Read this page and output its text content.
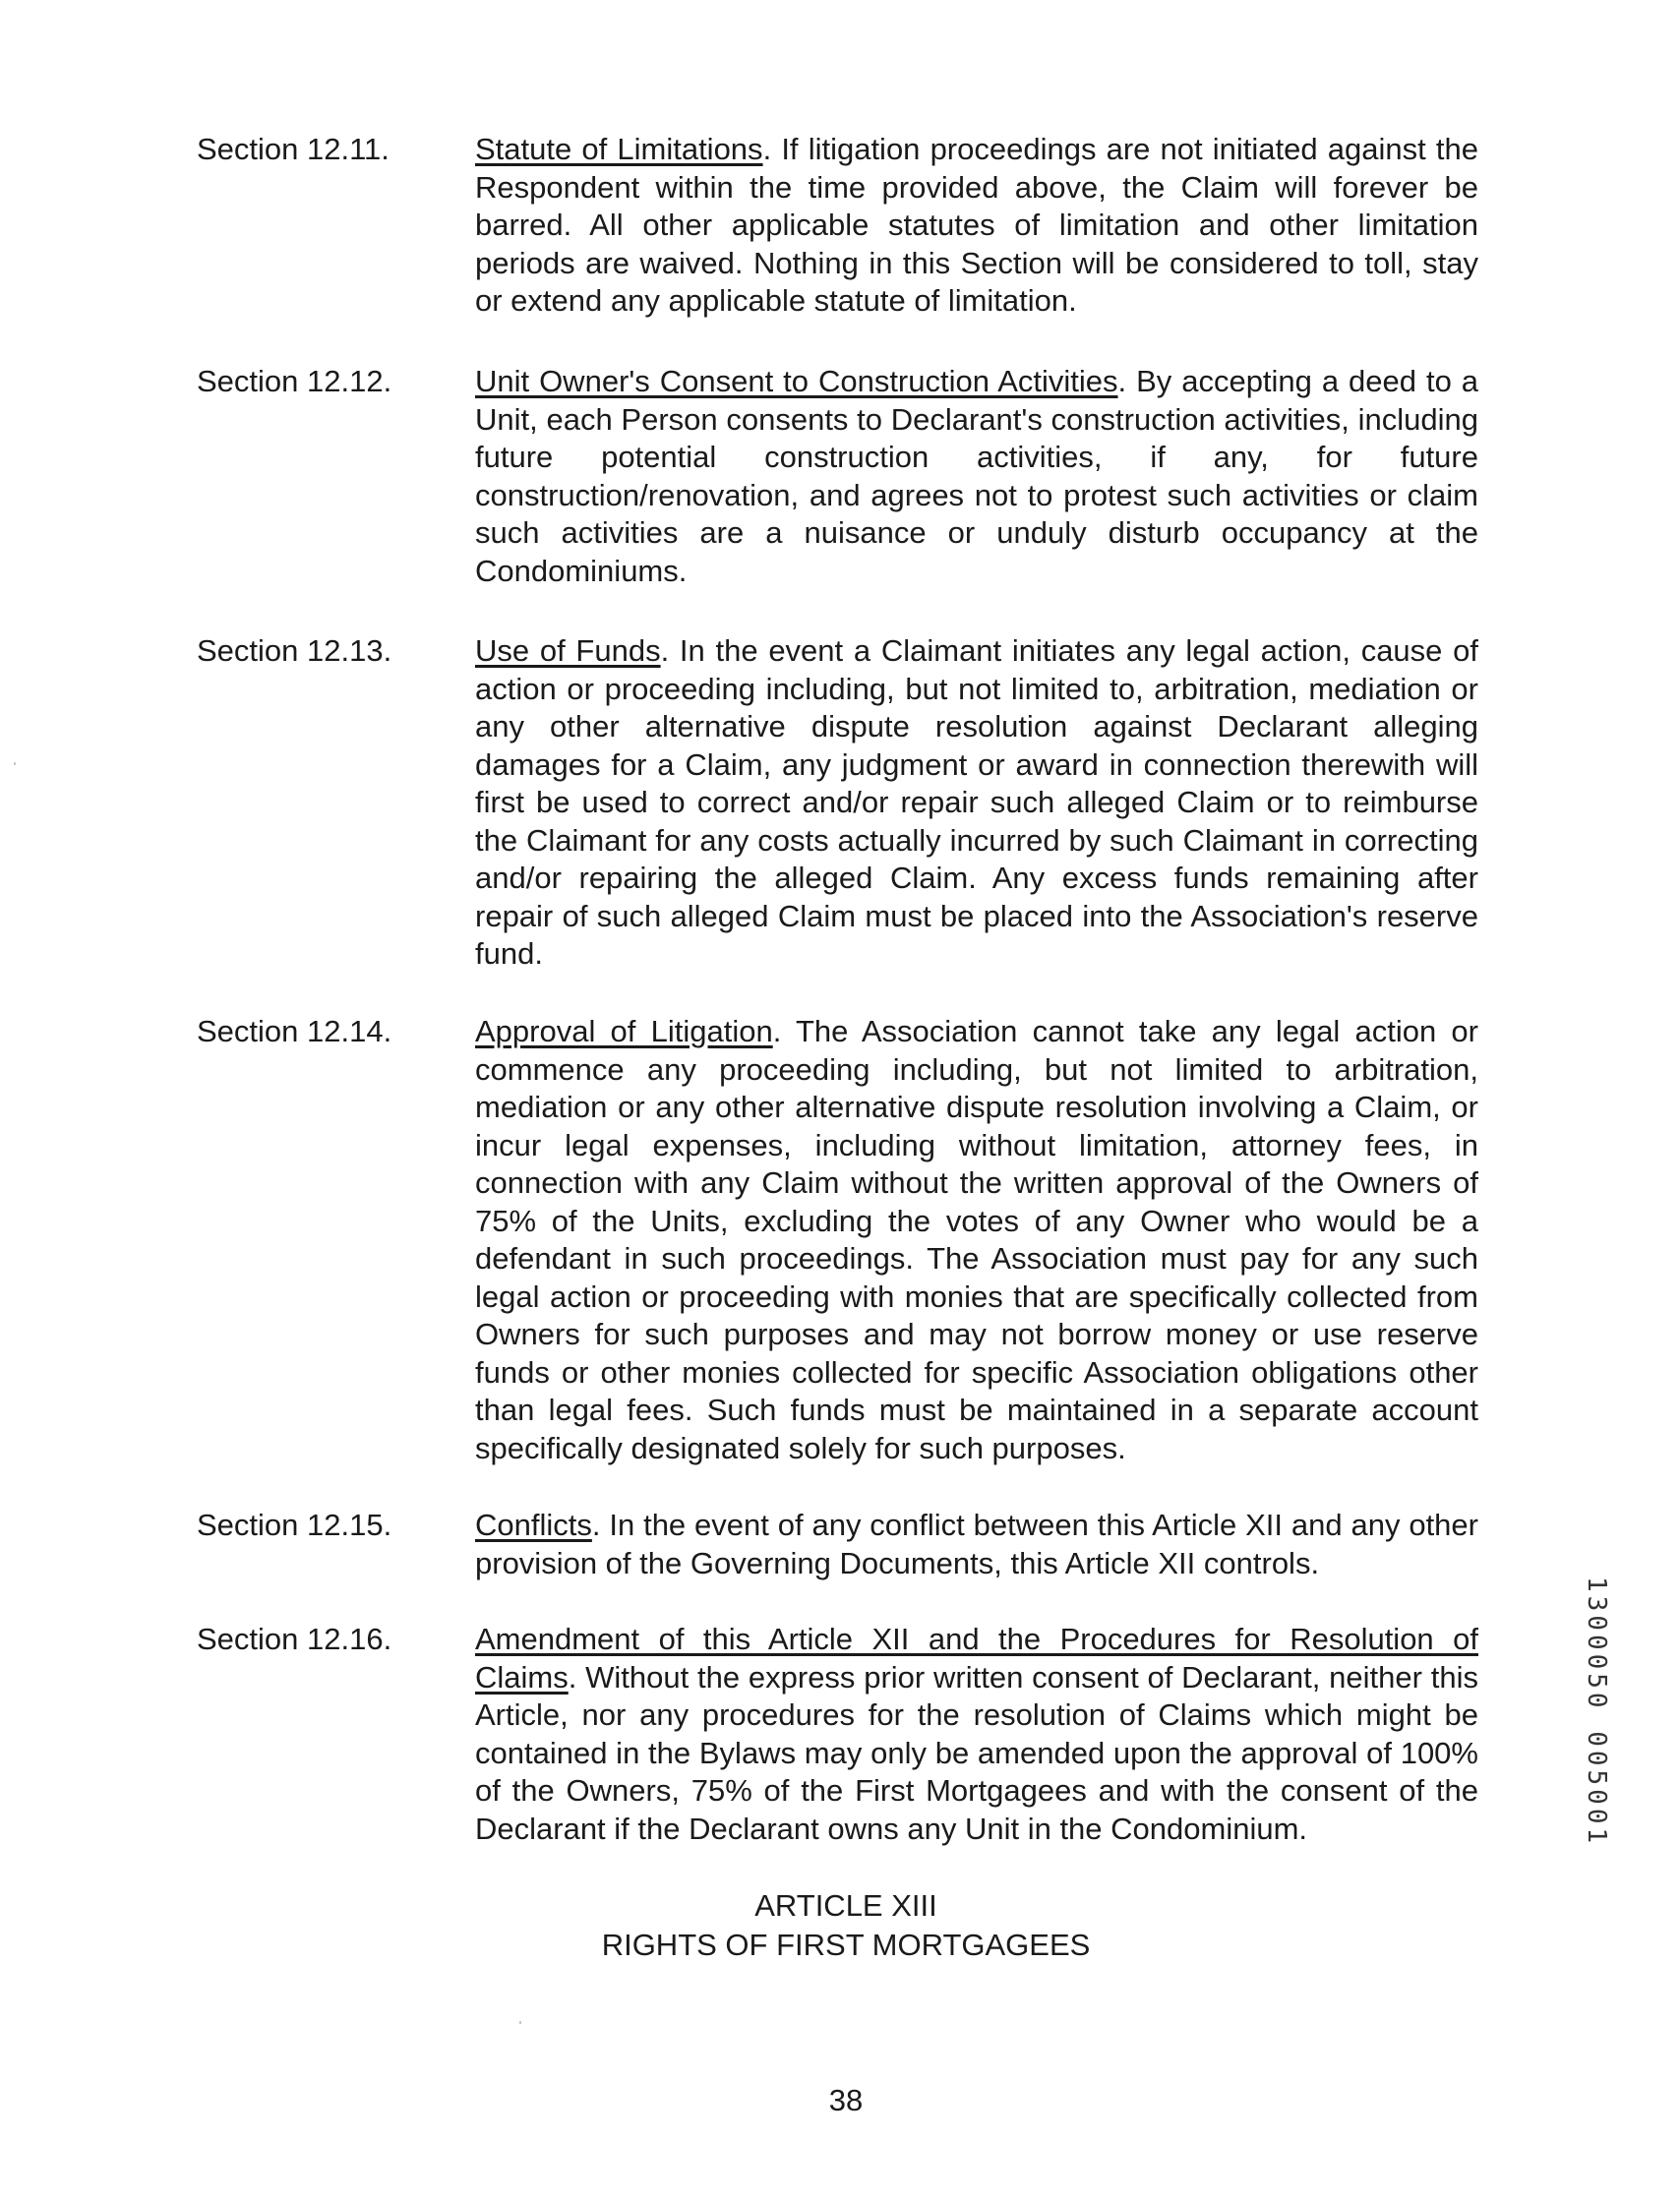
Section 12.11.	Statute of Limitations. If litigation proceedings are not initiated against the Respondent within the time provided above, the Claim will forever be barred. All other applicable statutes of limitation and other limitation periods are waived. Nothing in this Section will be considered to toll, stay or extend any applicable statute of limitation.
Section 12.12.	Unit Owner's Consent to Construction Activities. By accepting a deed to a Unit, each Person consents to Declarant's construction activities, including future potential construction activities, if any, for future construction/renovation, and agrees not to protest such activities or claim such activities are a nuisance or unduly disturb occupancy at the Condominiums.
Section 12.13.	Use of Funds. In the event a Claimant initiates any legal action, cause of action or proceeding including, but not limited to, arbitration, mediation or any other alternative dispute resolution against Declarant alleging damages for a Claim, any judgment or award in connection therewith will first be used to correct and/or repair such alleged Claim or to reimburse the Claimant for any costs actually incurred by such Claimant in correcting and/or repairing the alleged Claim. Any excess funds remaining after repair of such alleged Claim must be placed into the Association's reserve fund.
Section 12.14.	Approval of Litigation. The Association cannot take any legal action or commence any proceeding including, but not limited to arbitration, mediation or any other alternative dispute resolution involving a Claim, or incur legal expenses, including without limitation, attorney fees, in connection with any Claim without the written approval of the Owners of 75% of the Units, excluding the votes of any Owner who would be a defendant in such proceedings. The Association must pay for any such legal action or proceeding with monies that are specifically collected from Owners for such purposes and may not borrow money or use reserve funds or other monies collected for specific Association obligations other than legal fees. Such funds must be maintained in a separate account specifically designated solely for such purposes.
Section 12.15.	Conflicts. In the event of any conflict between this Article XII and any other provision of the Governing Documents, this Article XII controls.
Section 12.16.	Amendment of this Article XII and the Procedures for Resolution of Claims. Without the express prior written consent of Declarant, neither this Article, nor any procedures for the resolution of Claims which might be contained in the Bylaws may only be amended upon the approval of 100% of the Owners, 75% of the First Mortgagees and with the consent of the Declarant if the Declarant owns any Unit in the Condominium.
ARTICLE XIII
RIGHTS OF FIRST MORTGAGEES
38
1300050 005001
